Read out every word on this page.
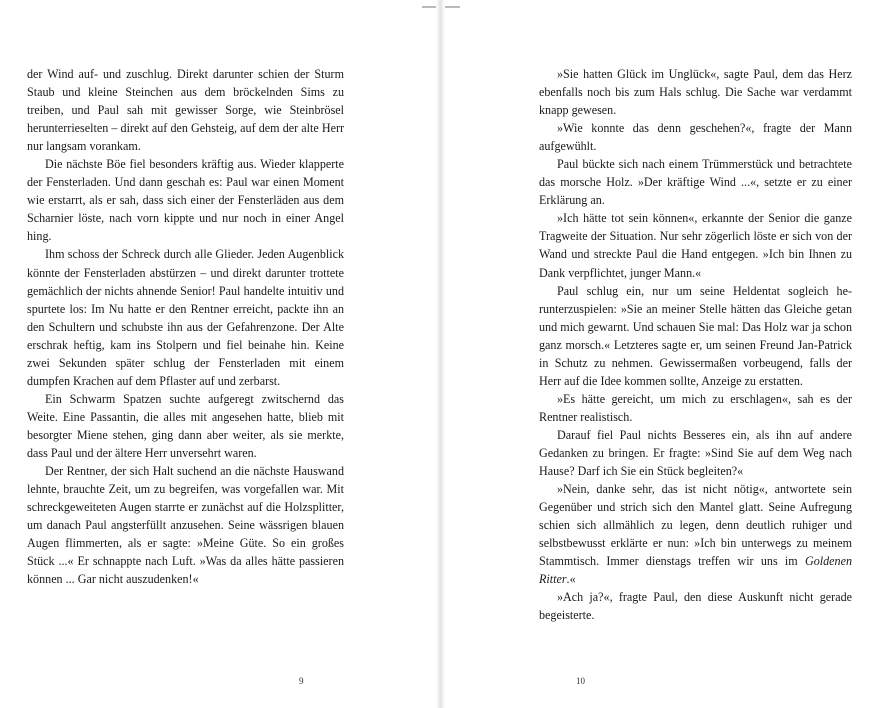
der Wind auf- und zuschlug. Direkt darunter schien der Sturm Staub und kleine Steinchen aus dem bröckelnden Sims zu treiben, und Paul sah mit gewisser Sorge, wie Steinbrösel herunterrieselten – direkt auf den Gehsteig, auf dem der alte Herr nur langsam vorankam.

Die nächste Böe fiel besonders kräftig aus. Wieder klapperte der Fensterladen. Und dann geschah es: Paul war einen Moment wie erstarrt, als er sah, dass sich einer der Fensterläden aus dem Scharnier löste, nach vorn kippte und nur noch in einer Angel hing.

Ihm schoss der Schreck durch alle Glieder. Jeden Augenblick könnte der Fensterladen abstürzen – und direkt darunter trottete gemächlich der nichts ahnende Senior! Paul handelte intuitiv und spurtete los: Im Nu hatte er den Rentner erreicht, packte ihn an den Schultern und schubste ihn aus der Gefahrenzone. Der Alte erschrak heftig, kam ins Stolpern und fiel beinahe hin. Keine zwei Sekunden später schlug der Fensterladen mit einem dumpfen Krachen auf dem Pflaster auf und zerbarst.

Ein Schwarm Spatzen suchte aufgeregt zwitschernd das Weite. Eine Passantin, die alles mit angesehen hatte, blieb mit besorgter Miene stehen, ging dann aber weiter, als sie merkte, dass Paul und der ältere Herr unversehrt waren.

Der Rentner, der sich Halt suchend an die nächste Hauswand lehnte, brauchte Zeit, um zu begreifen, was vorgefallen war. Mit schreckgeweiteten Augen starrte er zunächst auf die Holzsplitter, um danach Paul angsterfüllt anzusehen. Seine wässrigen blauen Augen flimmerten, als er sagte: »Meine Güte. So ein großes Stück ...« Er schnappte nach Luft. »Was da alles hätte passieren können ... Gar nicht auszudenken!«

»Sie hatten Glück im Unglück«, sagte Paul, dem das Herz ebenfalls noch bis zum Hals schlug. Die Sache war verdammt knapp gewesen.

»Wie konnte das denn geschehen?«, fragte der Mann aufgewühlt.

Paul bückte sich nach einem Trümmerstück und betrachtete das morsche Holz. »Der kräftige Wind ...«, setzte er zu einer Erklärung an.

»Ich hätte tot sein können«, erkannte der Senior die ganze Tragweite der Situation. Nur sehr zögerlich löste er sich von der Wand und streckte Paul die Hand entgegen. »Ich bin Ihnen zu Dank verpflichtet, junger Mann.«

Paul schlug ein, nur um seine Heldentat sogleich herunterzuspielen: »Sie an meiner Stelle hätten das Gleiche getan und mich gewarnt. Und schauen Sie mal: Das Holz war ja schon ganz morsch.« Letzteres sagte er, um seinen Freund Jan-Patrick in Schutz zu nehmen. Gewissermaßen vorbeugend, falls der Herr auf die Idee kommen sollte, Anzeige zu erstatten.

»Es hätte gereicht, um mich zu erschlagen«, sah es der Rentner realistisch.

Darauf fiel Paul nichts Besseres ein, als ihn auf andere Gedanken zu bringen. Er fragte: »Sind Sie auf dem Weg nach Hause? Darf ich Sie ein Stück begleiten?«

»Nein, danke sehr, das ist nicht nötig«, antwortete sein Gegenüber und strich sich den Mantel glatt. Seine Aufregung schien sich allmählich zu legen, denn deutlich ruhiger und selbstbewusst erklärte er nun: »Ich bin unterwegs zu meinem Stammtisch. Immer dienstags treffen wir uns im Goldenen Ritter.«

»Ach ja?«, fragte Paul, den diese Auskunft nicht gerade begeisterte.

9	10
